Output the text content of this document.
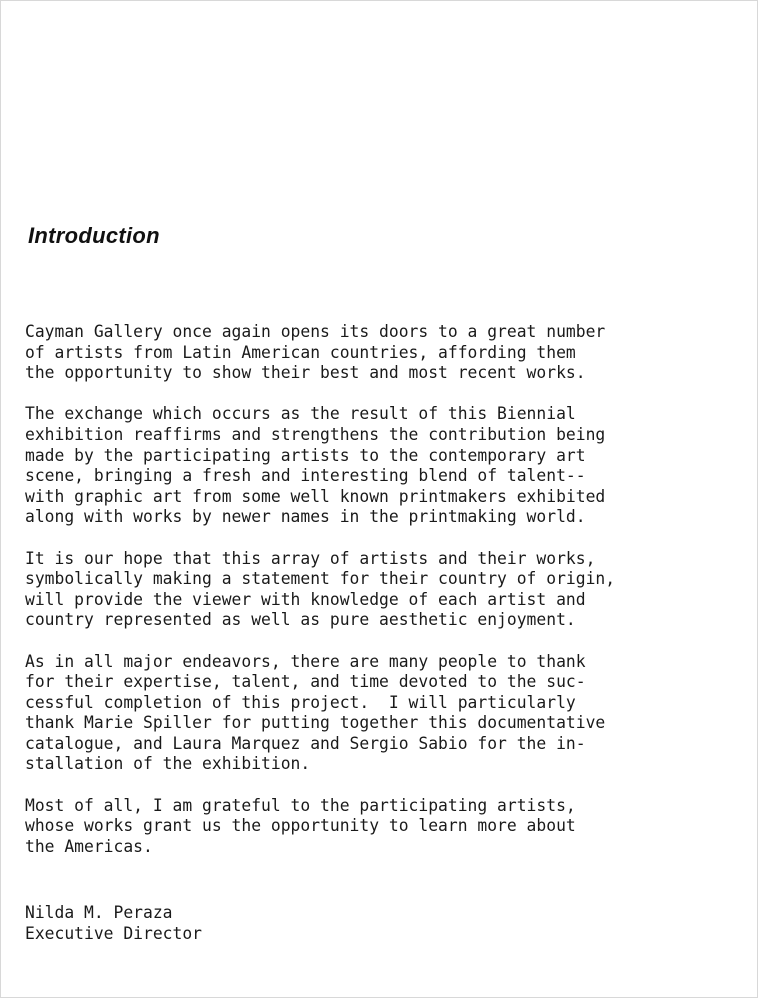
Introduction

Cayman Gallery once again opens its doors to a great number
of artists from Latin American countries, affording them
the opportunity to show their best and most recent works.

The exchange which occurs as the result of this Biennial
exhibition reaffirms and strengthens the contribution being
made by the participating artists to the contemporary art
scene, bringing a fresh and interesting blend of talent--
with graphic art from some well known printmakers exhibited
along with works by newer names in the printmaking world.

It is our hope that this array of artists and their works,
symbolically making a statement for their country of origin,
will provide the viewer with knowledge of each artist and
country represented as well as pure aesthetic enjoyment.

As in all major endeavors, there are many people to thank
for their expertise, talent, and time devoted to the suc-
cessful completion of this project.  I will particularly
thank Marie Spiller for putting together this documentative
catalogue, and Laura Marquez and Sergio Sabio for the in-
stallation of the exhibition.

Most of all, I am grateful to the participating artists,
whose works grant us the opportunity to learn more about
the Americas.

Nilda M. Peraza
Executive Director
